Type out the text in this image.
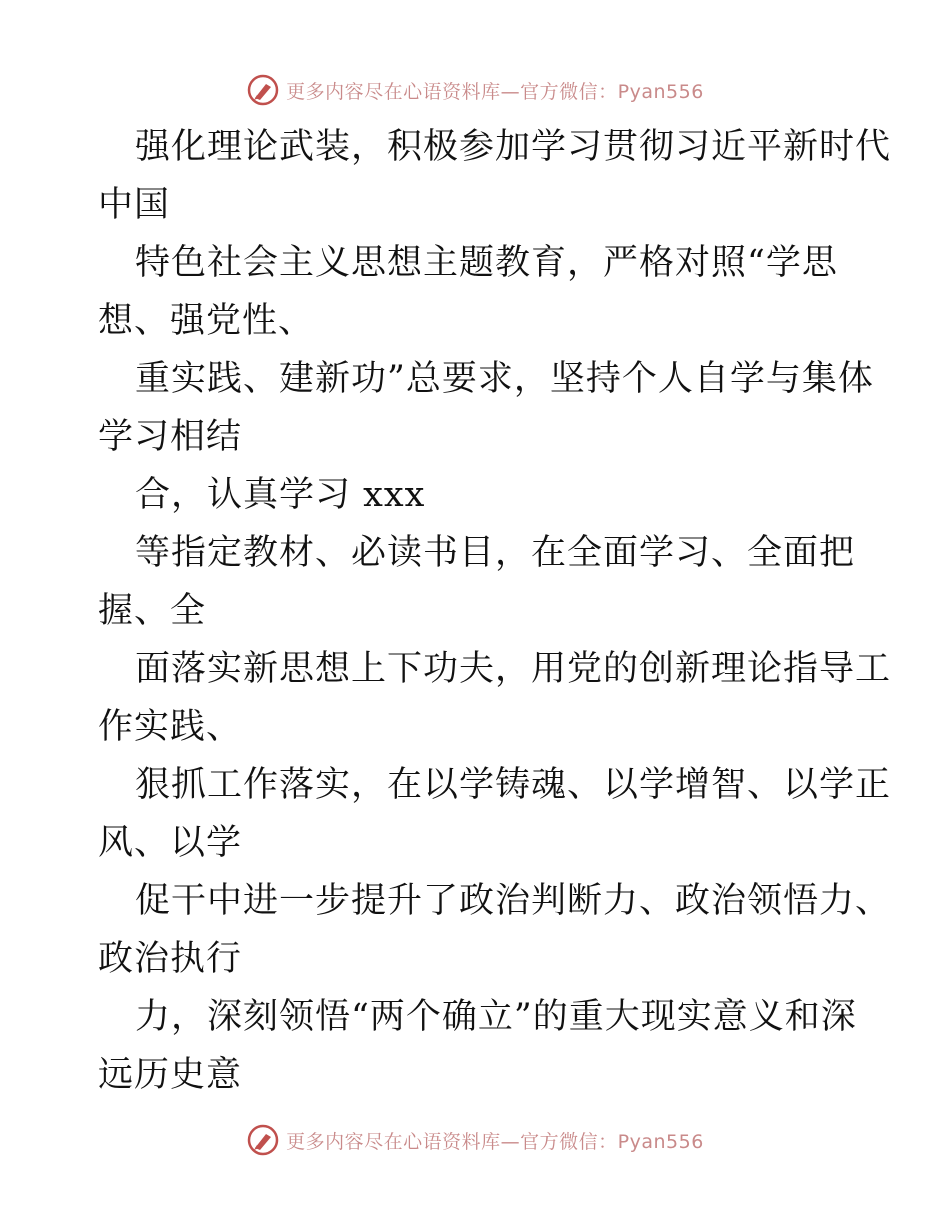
更多内容尽在心语资料库—官方微信：Pyan556
强化理论武装，积极参加学习贯彻习近平新时代
中国
特色社会主义思想主题教育，严格对照“学思
想、强党性、
重实践、建新功”总要求，坚持个人自学与集体
学习相结
合，认真学习 xxx
等指定教材、必读书目，在全面学习、全面把
握、全
面落实新思想上下功夫，用党的创新理论指导工
作实践、
狠抓工作落实，在以学铸魂、以学增智、以学正
风、以学
促干中进一步提升了政治判断力、政治领悟力、
政治执行
力，深刻领悟“两个确立”的重大现实意义和深
远历史意
更多内容尽在心语资料库—官方微信：Pyan556
